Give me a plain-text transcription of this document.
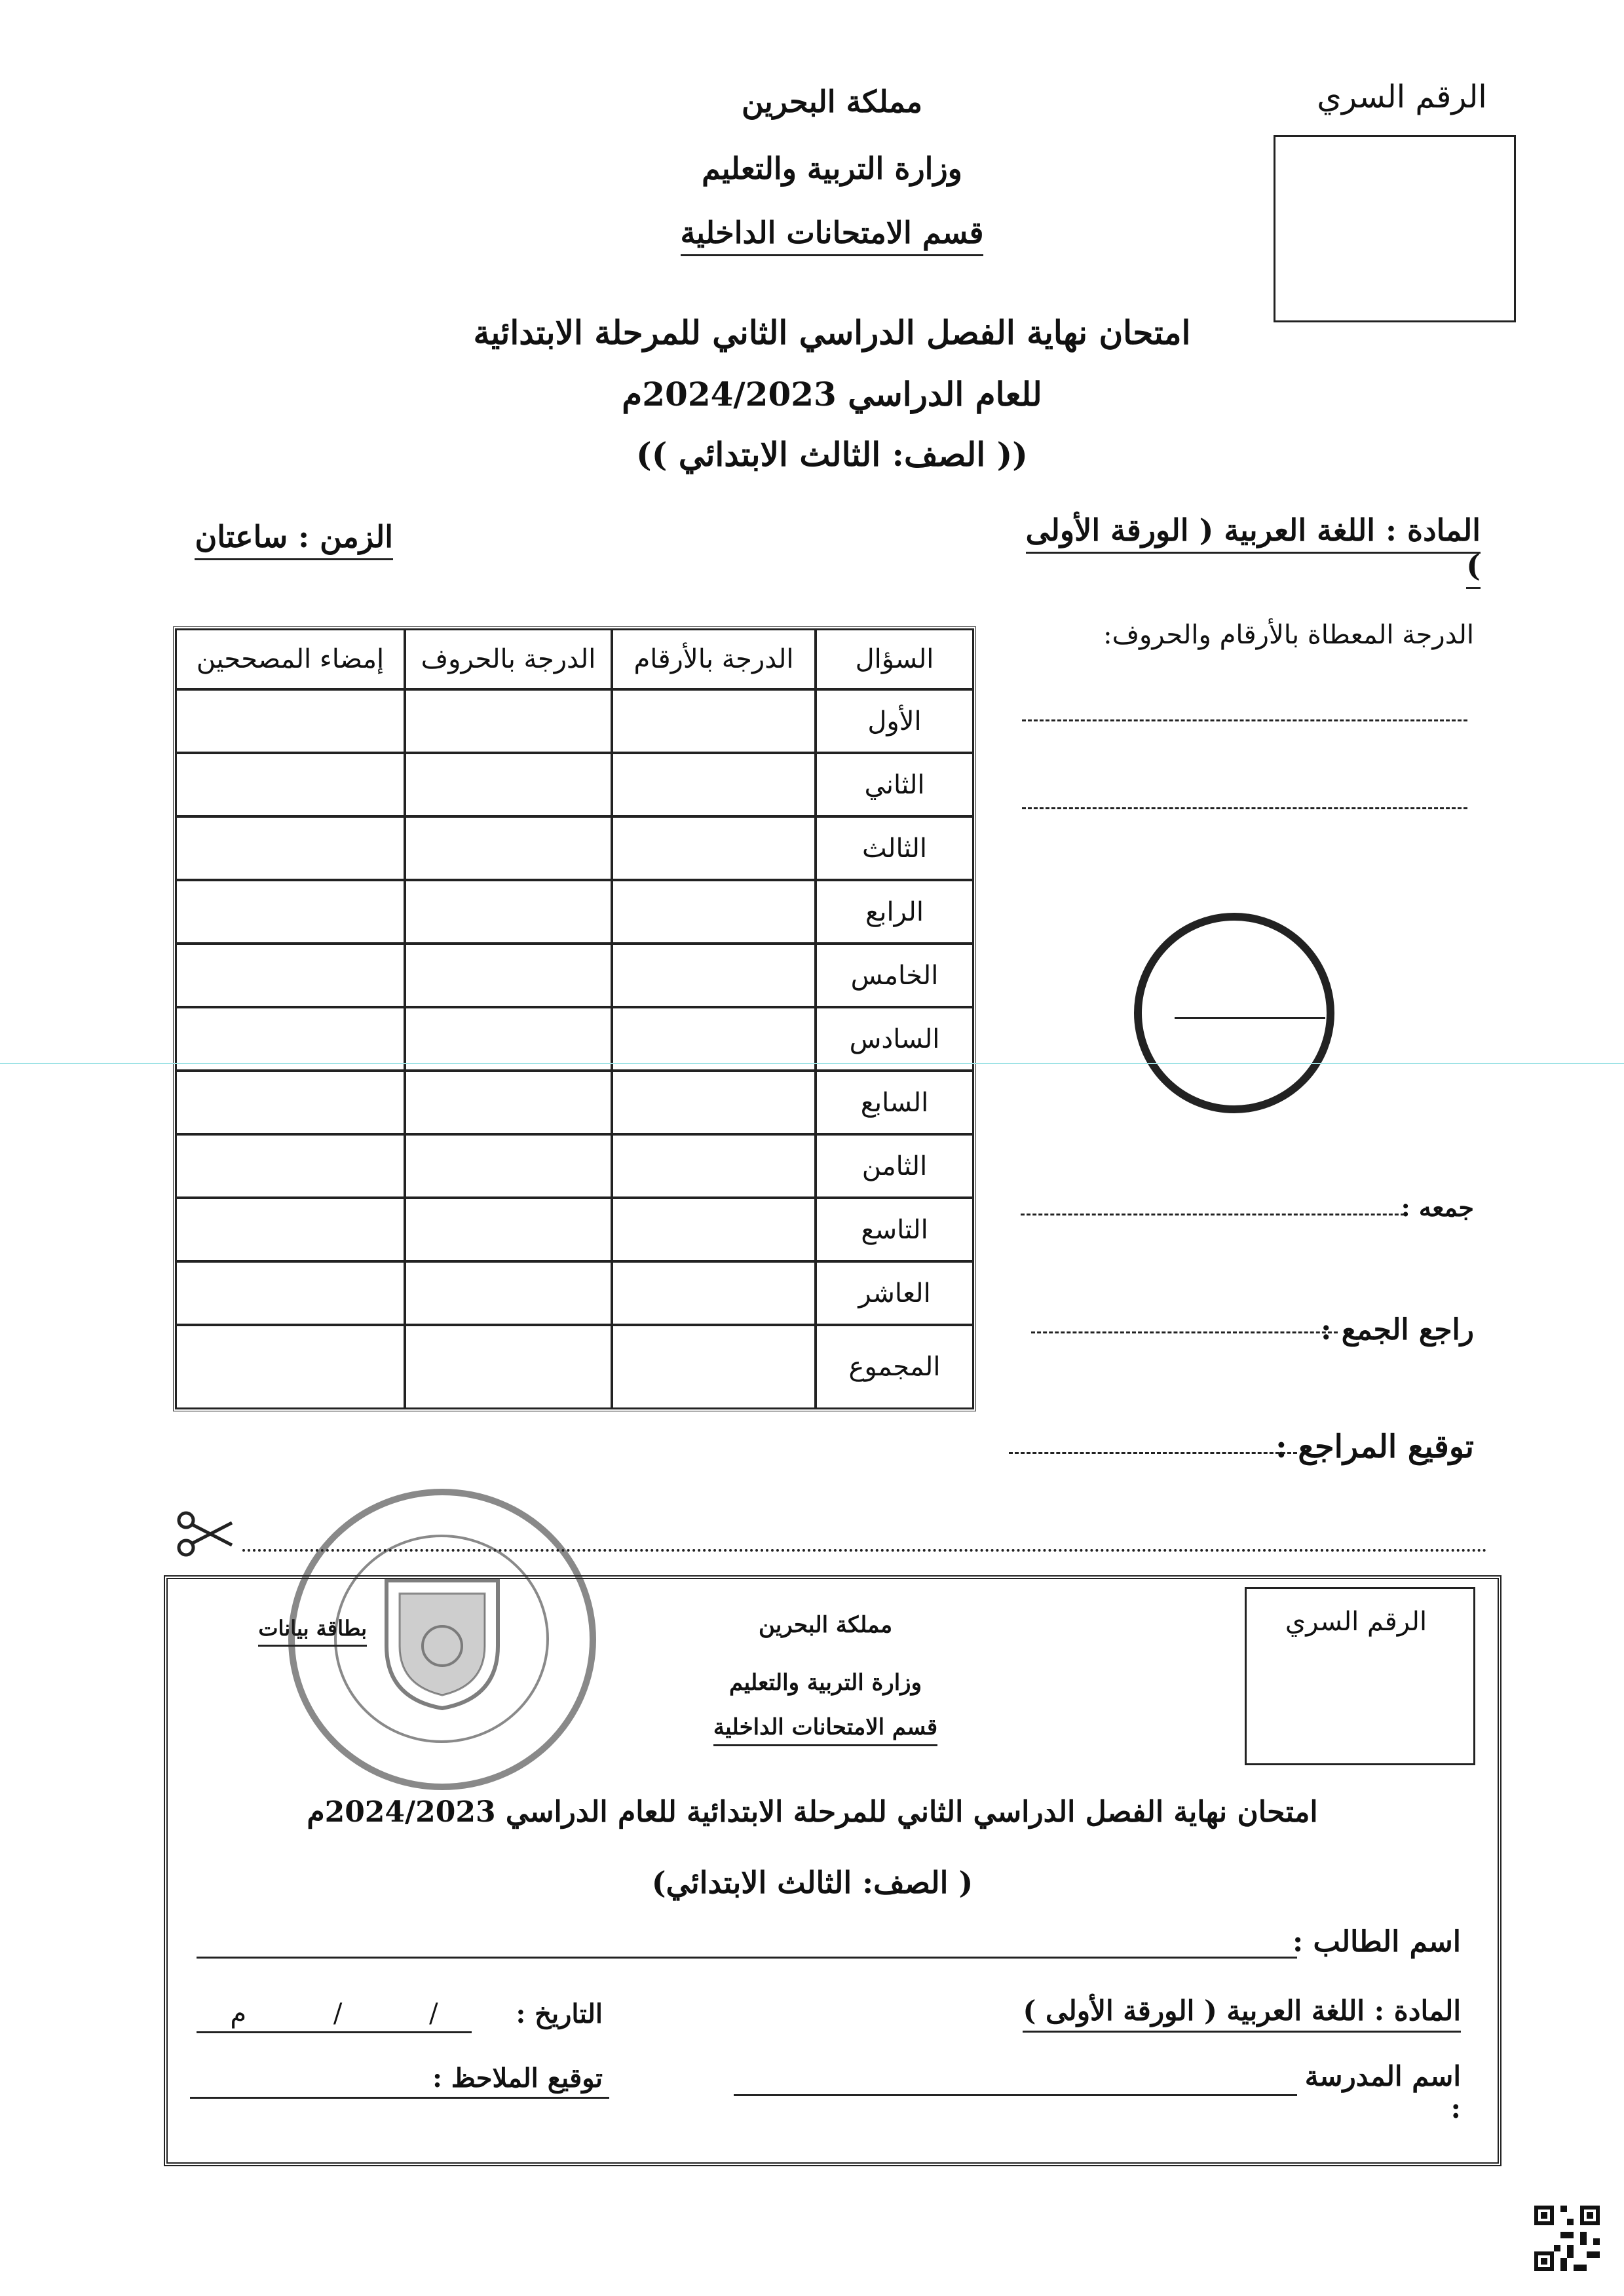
الرقم السري
مملكة البحرين
وزارة التربية والتعليم
قسم الامتحانات الداخلية
امتحان نهاية الفصل الدراسي الثاني للمرحلة الابتدائية
للعام الدراسي 2024/2023م
(( الصف: الثالث الابتدائي ))
المادة : اللغة العربية ( الورقة الأولى )
الزمن : ساعتان
السؤال	الدرجة بالأرقام	الدرجة بالحروف	إمضاء المصححين
الأول			
الثاني			
الثالث			
الرابع			
الخامس			
السادس			
السابع			
الثامن			
التاسع			
العاشر			
المجموع			
الدرجة المعطاة بالأرقام والحروف:
جمعه :
راجع الجمع :
توقيع المراجع :
الرقم السري
مملكة البحرين
وزارة التربية والتعليم
قسم الامتحانات الداخلية
بطاقة بيانات
امتحان نهاية الفصل الدراسي الثاني للمرحلة الابتدائية للعام الدراسي 2024/2023م
( الصف: الثالث الابتدائي)
اسم الطالب :
المادة : اللغة العربية ( الورقة الأولى )
التاريخ :
/ / م
اسم المدرسة :
توقيع الملاحظ :
